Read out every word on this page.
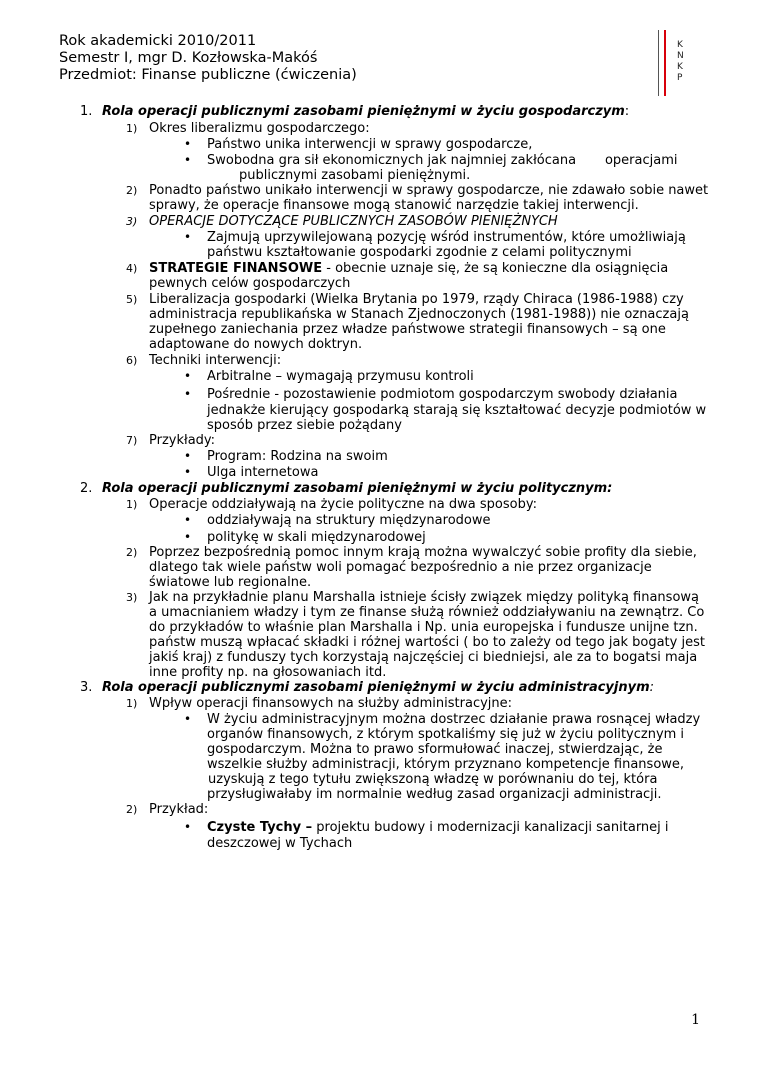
Rok akademicki 2010/2011
Semestr I, mgr D. Kozłowska-Makóś
Przedmiot: Finanse publiczne (ćwiczenia)
K
N
K
P
1. Rola operacji publicznymi zasobami pieniężnymi w życiu gospodarczym:
1) Okres liberalizmu gospodarczego:
• Państwo unika interwencji w sprawy gospodarcze,
• Swobodna gra sił ekonomicznych jak najmniej zakłócana       operacjami
publicznymi zasobami pieniężnymi.
2) Ponadto państwo unikało interwencji w sprawy gospodarcze, nie zdawało sobie nawet
sprawy, że operacje finansowe mogą stanowić narzędzie takiej interwencji.
3) OPERACJE DOTYCZĄCE PUBLICZNYCH ZASOBÓW PIENIĘŻNYCH
• Zajmują uprzywilejowaną pozycję wśród instrumentów, które umożliwiają
państwu kształtowanie gospodarki zgodnie z celami politycznymi
4) STRATEGIE FINANSOWE - obecnie uznaje się, że są konieczne dla osiągnięcia
pewnych celów gospodarczych
5) Liberalizacja gospodarki (Wielka Brytania po 1979, rządy Chiraca (1986-1988) czy
administracja republikańska w Stanach Zjednoczonych (1981-1988)) nie oznaczają
zupełnego zaniechania przez władze państwowe strategii finansowych – są one
adaptowane do nowych doktryn.
6) Techniki interwencji:
• Arbitralne – wymagają przymusu kontroli
• Pośrednie - pozostawienie podmiotom gospodarczym swobody działania
jednakże kierujący gospodarką starają się kształtować decyzje podmiotów w
sposób przez siebie pożądany
7) Przykłady:
• Program: Rodzina na swoim
• Ulga internetowa
2. Rola operacji publicznymi zasobami pieniężnymi w życiu politycznym:
1) Operacje oddziaływają na życie polityczne na dwa sposoby:
• oddziaływają na struktury międzynarodowe
• politykę w skali międzynarodowej
2) Poprzez bezpośrednią pomoc innym krają można wywalczyć sobie profity dla siebie,
dlatego tak wiele państw woli pomagać bezpośrednio a nie przez organizacje
światowe lub regionalne.
3) Jak na przykładnie planu Marshalla istnieje ścisły związek między polityką finansową
a umacnianiem władzy i tym ze finanse służą również oddziaływaniu na zewnątrz. Co
do przykładów to właśnie plan Marshalla i Np. unia europejska i fundusze unijne tzn.
państw muszą wpłacać składki i różnej wartości ( bo to zależy od tego jak bogaty jest
jakiś kraj) z funduszy tych korzystają najczęściej ci biedniejsi, ale za to bogatsi maja
inne profity np. na głosowaniach itd.
3. Rola operacji publicznymi zasobami pieniężnymi w życiu administracyjnym:
1) Wpływ operacji finansowych na służby administracyjne:
• W życiu administracyjnym można dostrzec działanie prawa rosnącej władzy
organów finansowych, z którym spotkaliśmy się już w życiu politycznym i
gospodarczym. Można to prawo sformułować inaczej, stwierdzając, że
wszelkie służby administracji, którym przyznano kompetencje finansowe,
uzyskują z tego tytułu zwiększoną władzę w porównaniu do tej, która
przysługiwałaby im normalnie według zasad organizacji administracji.
2) Przykład:
• Czyste Tychy – projektu budowy i modernizacji kanalizacji sanitarnej i
deszczowej w Tychach
1
